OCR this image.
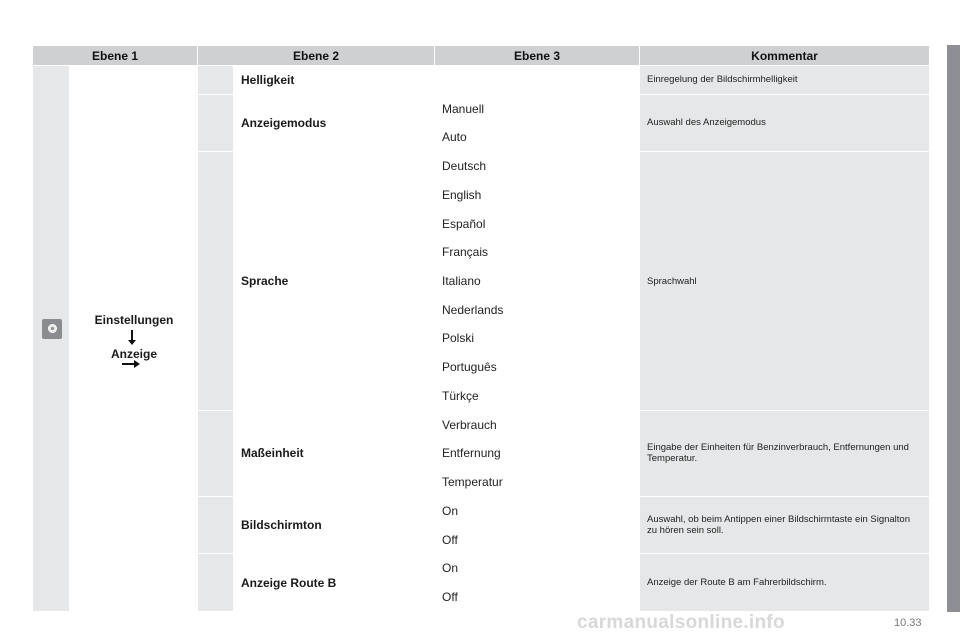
Ebene 1		Ebene 2		Ebene 3	Kommentar

	Einstellungen
Anzeige		Helligkeit		Einregelung der Bildschirmhelligkeit
			Anzeigemodus	Manuell	Auswahl des Anzeigemodus
				Auto	
			Sprache	Deutsch	Sprachwahl
				English	
				Español	
				Français	
				Italiano	
				Nederlands	
				Polski	
				Português	
				Türkçe	
			Maßeinheit	Verbrauch	Eingabe der Einheiten für Benzinverbrauch, Entfernungen und Temperatur.
				Entfernung	
				Temperatur	
			Bildschirmton	On	Auswahl, ob beim Antippen einer Bildschirmtaste ein Signalton zu hören sein soll.
				Off	
			Anzeige Route B	On	Anzeige der Route B am Fahrerbildschirm.
				Off	
carmanualsonline.info	10.33
